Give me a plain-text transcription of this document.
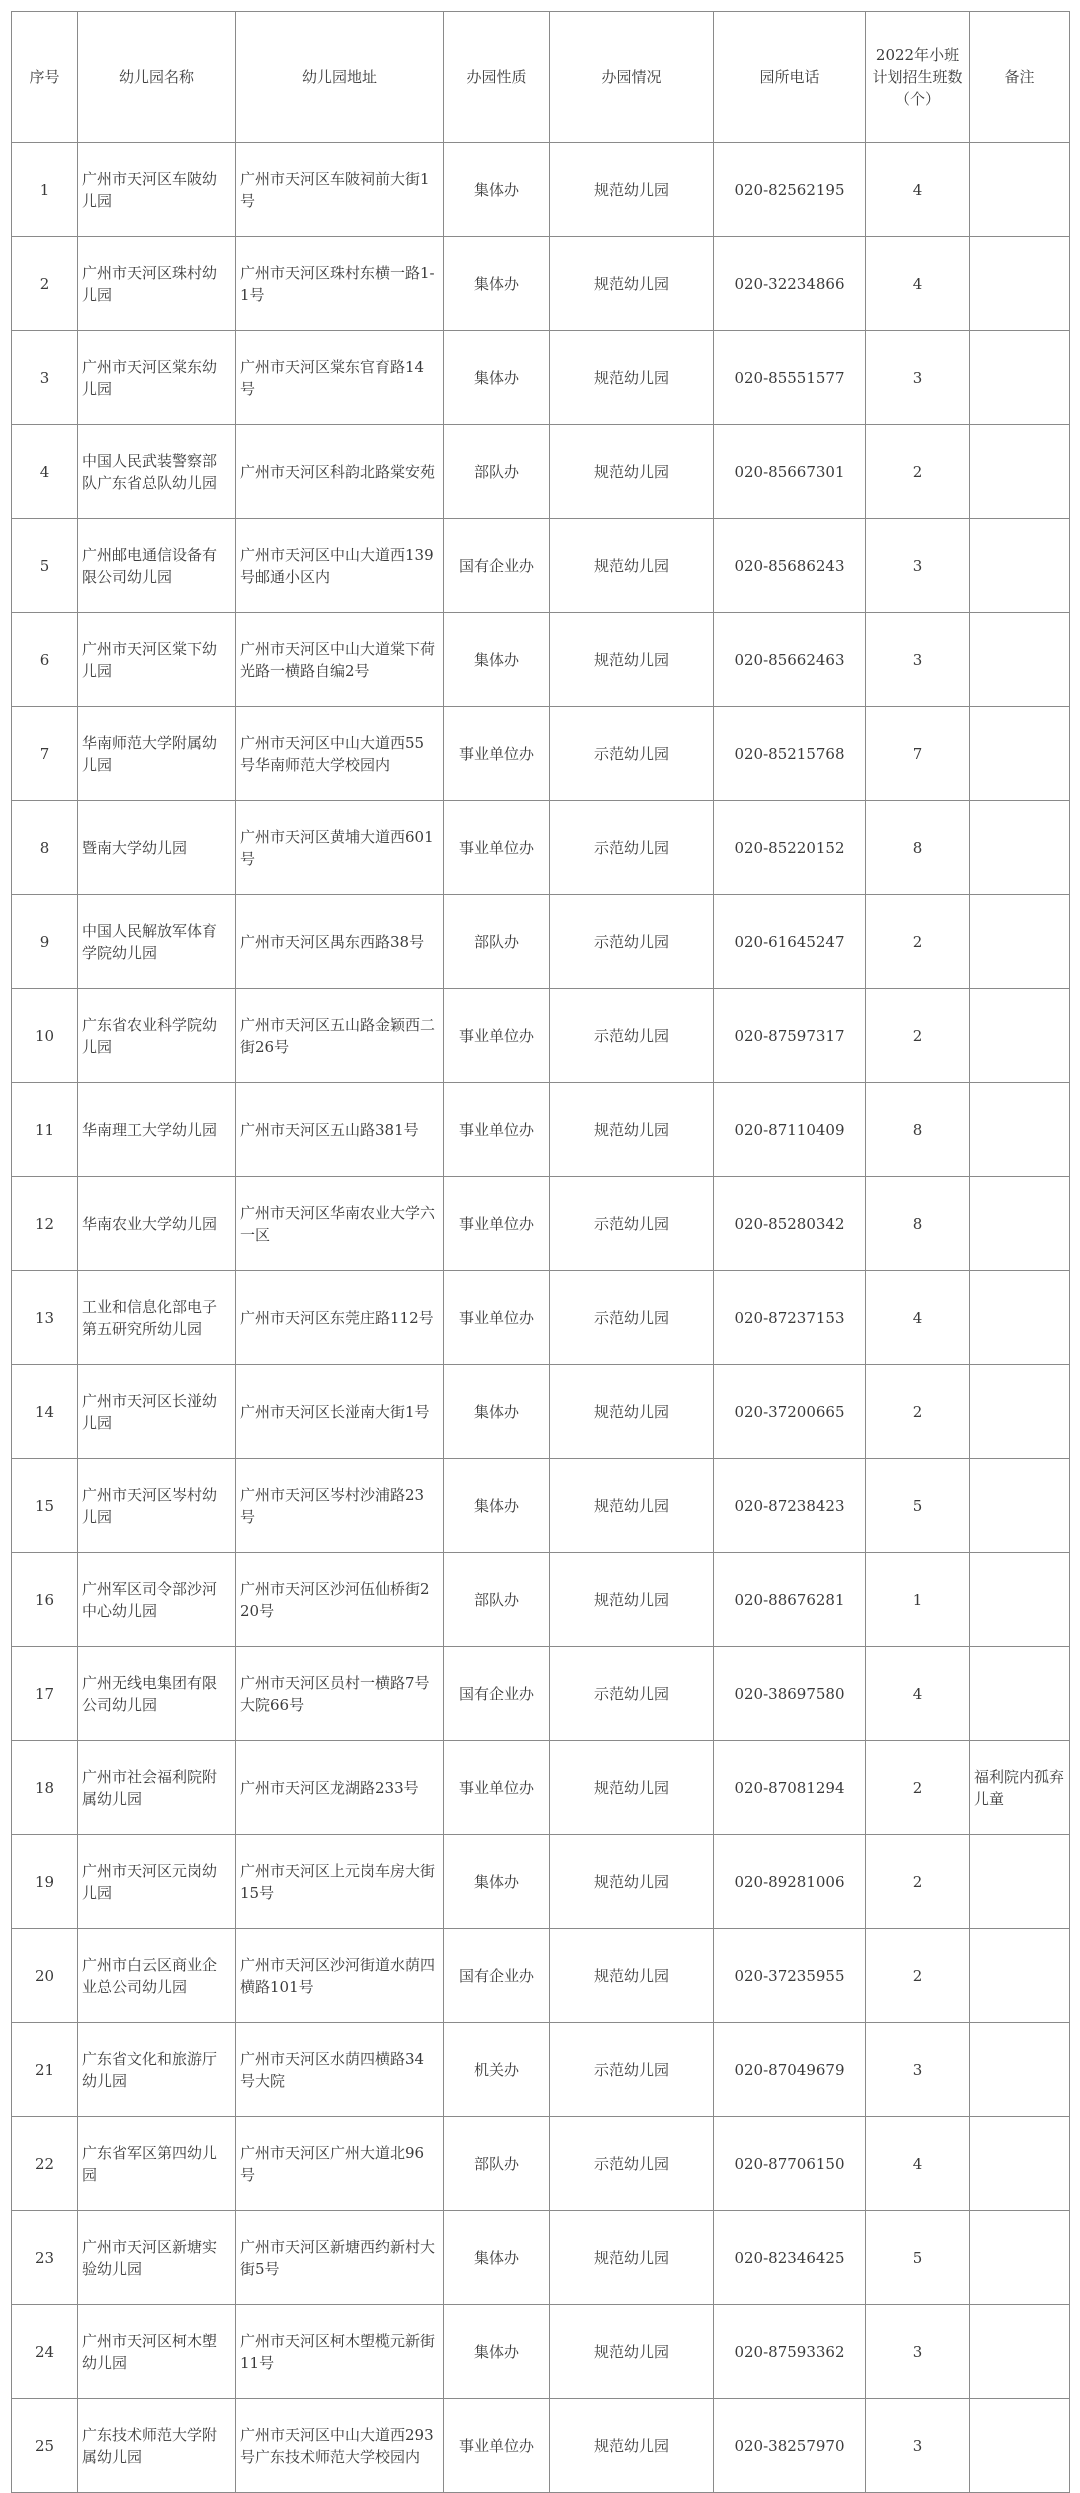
序号	幼儿园名称	幼儿园地址	办园性质	办园情况	园所电话	2022年小班计划招生班数（个）	备注
1	广州市天河区车陂幼儿园	广州市天河区车陂祠前大街1号	集体办	规范幼儿园	020-82562195	4	
2	广州市天河区珠村幼儿园	广州市天河区珠村东横一路1-1号	集体办	规范幼儿园	020-32234866	4	
3	广州市天河区棠东幼儿园	广州市天河区棠东官育路14号	集体办	规范幼儿园	020-85551577	3	
4	中国人民武装警察部队广东省总队幼儿园	广州市天河区科韵北路棠安苑	部队办	规范幼儿园	020-85667301	2	
5	广州邮电通信设备有限公司幼儿园	广州市天河区中山大道西139号邮通小区内	国有企业办	规范幼儿园	020-85686243	3	
6	广州市天河区棠下幼儿园	广州市天河区中山大道棠下荷光路一横路自编2号	集体办	规范幼儿园	020-85662463	3	
7	华南师范大学附属幼儿园	广州市天河区中山大道西55号华南师范大学校园内	事业单位办	示范幼儿园	020-85215768	7	
8	暨南大学幼儿园	广州市天河区黄埔大道西601号	事业单位办	示范幼儿园	020-85220152	8	
9	中国人民解放军体育学院幼儿园	广州市天河区禺东西路38号	部队办	示范幼儿园	020-61645247	2	
10	广东省农业科学院幼儿园	广州市天河区五山路金颖西二街26号	事业单位办	示范幼儿园	020-87597317	2	
11	华南理工大学幼儿园	广州市天河区五山路381号	事业单位办	规范幼儿园	020-87110409	8	
12	华南农业大学幼儿园	广州市天河区华南农业大学六一区	事业单位办	示范幼儿园	020-85280342	8	
13	工业和信息化部电子第五研究所幼儿园	广州市天河区东莞庄路112号	事业单位办	示范幼儿园	020-87237153	4	
14	广州市天河区长湴幼儿园	广州市天河区长湴南大街1号	集体办	规范幼儿园	020-37200665	2	
15	广州市天河区岑村幼儿园	广州市天河区岑村沙浦路23号	集体办	规范幼儿园	020-87238423	5	
16	广州军区司令部沙河中心幼儿园	广州市天河区沙河伍仙桥街220号	部队办	规范幼儿园	020-88676281	1	
17	广州无线电集团有限公司幼儿园	广州市天河区员村一横路7号大院66号	国有企业办	示范幼儿园	020-38697580	4	
18	广州市社会福利院附属幼儿园	广州市天河区龙湖路233号	事业单位办	规范幼儿园	020-87081294	2	福利院内孤弃儿童
19	广州市天河区元岗幼儿园	广州市天河区上元岗车房大街15号	集体办	规范幼儿园	020-89281006	2	
20	广州市白云区商业企业总公司幼儿园	广州市天河区沙河街道水荫四横路101号	国有企业办	规范幼儿园	020-37235955	2	
21	广东省文化和旅游厅幼儿园	广州市天河区水荫四横路34号大院	机关办	示范幼儿园	020-87049679	3	
22	广东省军区第四幼儿园	广州市天河区广州大道北96号	部队办	示范幼儿园	020-87706150	4	
23	广州市天河区新塘实验幼儿园	广州市天河区新塘西约新村大街5号	集体办	规范幼儿园	020-82346425	5	
24	广州市天河区柯木塱幼儿园	广州市天河区柯木塱榄元新街11号	集体办	规范幼儿园	020-87593362	3	
25	广东技术师范大学附属幼儿园	广州市天河区中山大道西293号广东技术师范大学校园内	事业单位办	规范幼儿园	020-38257970	3	
